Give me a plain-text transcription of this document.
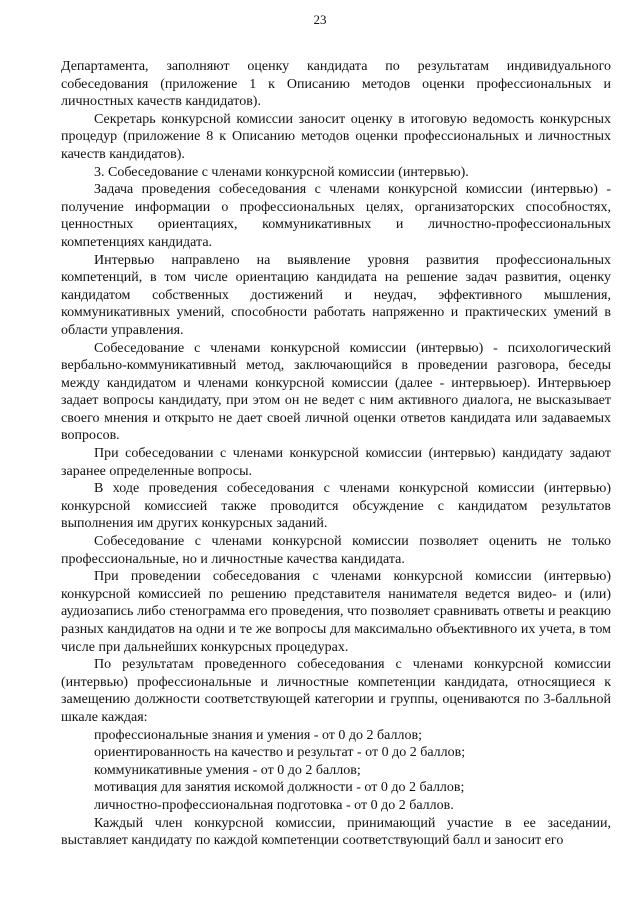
23

Департамента, заполняют оценку кандидата по результатам индивидуального собеседования (приложение 1 к Описанию методов оценки профессиональных и личностных качеств кандидатов).

Секретарь конкурсной комиссии заносит оценку в итоговую ведомость конкурсных процедур (приложение 8 к Описанию методов оценки профессиональных и личностных качеств кандидатов).

3. Собеседование с членами конкурсной комиссии (интервью).

Задача проведения собеседования с членами конкурсной комиссии (интервью) - получение информации о профессиональных целях, организаторских способностях, ценностных ориентациях, коммуникативных и личностно-профессиональных компетенциях кандидата.

Интервью направлено на выявление уровня развития профессиональных компетенций, в том числе ориентацию кандидата на решение задач развития, оценку кандидатом собственных достижений и неудач, эффективного мышления, коммуникативных умений, способности работать напряженно и практических умений в области управления.

Собеседование с членами конкурсной комиссии (интервью) - психологический вербально-коммуникативный метод, заключающийся в проведении разговора, беседы между кандидатом и членами конкурсной комиссии (далее - интервьюер). Интервьюер задает вопросы кандидату, при этом он не ведет с ним активного диалога, не высказывает своего мнения и открыто не дает своей личной оценки ответов кандидата или задаваемых вопросов.

При собеседовании с членами конкурсной комиссии (интервью) кандидату задают заранее определенные вопросы.

В ходе проведения собеседования с членами конкурсной комиссии (интервью) конкурсной комиссией также проводится обсуждение с кандидатом результатов выполнения им других конкурсных заданий.

Собеседование с членами конкурсной комиссии позволяет оценить не только профессиональные, но и личностные качества кандидата.

При проведении собеседования с членами конкурсной комиссии (интервью) конкурсной комиссией по решению представителя нанимателя ведется видео- и (или) аудиозапись либо стенограмма его проведения, что позволяет сравнивать ответы и реакцию разных кандидатов на одни и те же вопросы для максимально объективного их учета, в том числе при дальнейших конкурсных процедурах.

По результатам проведенного собеседования с членами конкурсной комиссии (интервью) профессиональные и личностные компетенции кандидата, относящиеся к замещению должности соответствующей категории и группы, оцениваются по 3-балльной шкале каждая:

профессиональные знания и умения - от 0 до 2 баллов;

ориентированность на качество и результат - от 0 до 2 баллов;

коммуникативные умения - от 0 до 2 баллов;

мотивация для занятия искомой должности - от 0 до 2 баллов;

личностно-профессиональная подготовка - от 0 до 2 баллов.

Каждый член конкурсной комиссии, принимающий участие в ее заседании, выставляет кандидату по каждой компетенции соответствующий балл и заносит его
